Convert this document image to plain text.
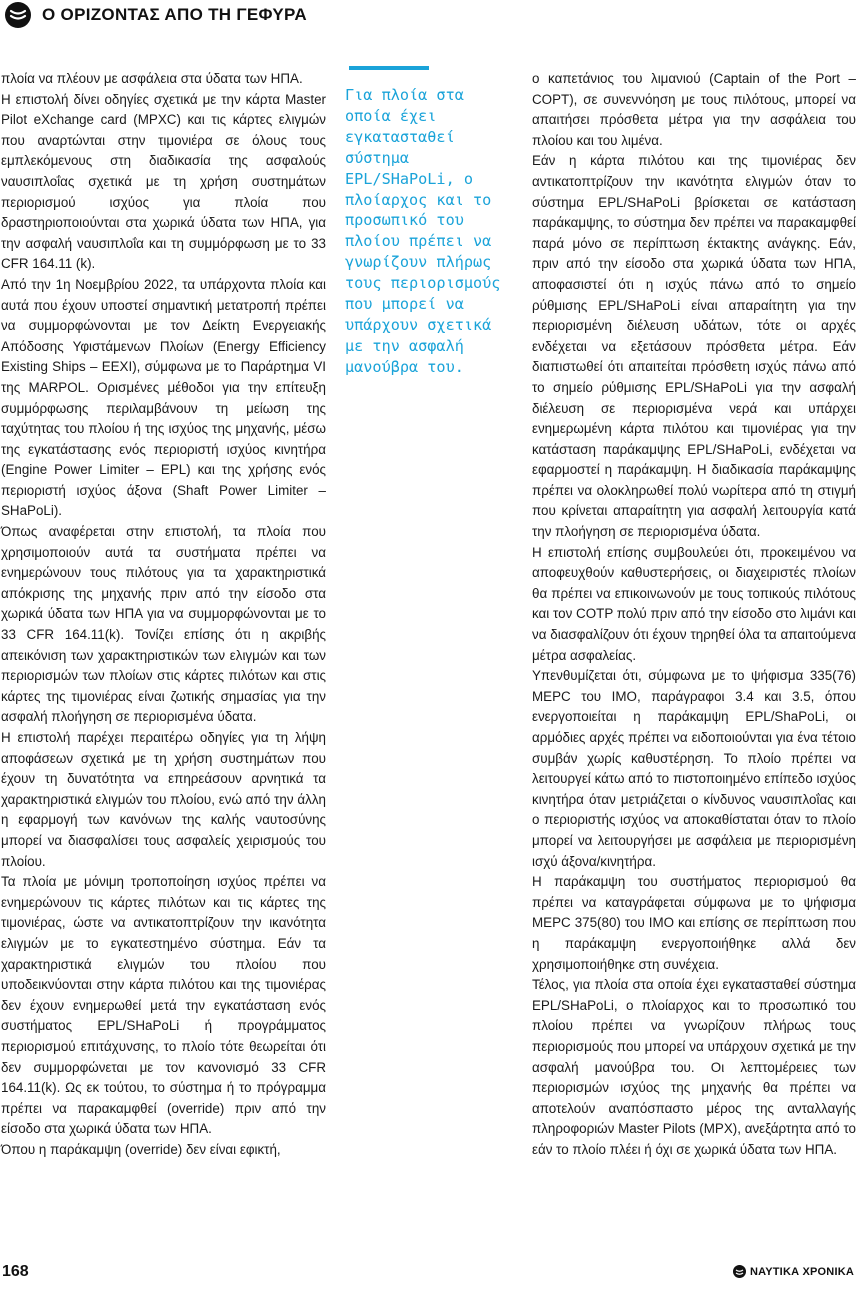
Ο ΟΡΙΖΟΝΤΑΣ ΑΠΟ ΤΗ ΓΕΦΥΡΑ

πλοία να πλέουν με ασφάλεια στα ύδατα των ΗΠΑ.

Η επιστολή δίνει οδηγίες σχετικά με την κάρτα Master Pilot eXchange card (MPXC) και τις κάρτες ελιγμών που αναρτώνται στην τιμονιέρα σε όλους τους εμπλεκόμενους στη διαδικασία της ασφαλούς ναυσιπλοΐας σχετικά με τη χρήση συστημάτων περιορισμού ισχύος για πλοία που δραστηριοποιούνται στα χωρικά ύδατα των ΗΠΑ, για την ασφαλή ναυσιπλοΐα και τη συμμόρφωση με το 33 CFR 164.11 (k).

Από την 1η Νοεμβρίου 2022, τα υπάρχοντα πλοία και αυτά που έχουν υποστεί σημαντική μετατροπή πρέπει να συμμορφώνονται με τον Δείκτη Ενεργειακής Απόδοσης Υφιστάμενων Πλοίων (Energy Efficiency Existing Ships – EEXI), σύμφωνα με το Παράρτημα VI της MARPOL. Ορισμένες μέθοδοι για την επίτευξη συμμόρφωσης περιλαμβάνουν τη μείωση της ταχύτητας του πλοίου ή της ισχύος της μηχανής, μέσω της εγκατάστασης ενός περιοριστή ισχύος κινητήρα (Engine Power Limiter – EPL) και της χρήσης ενός περιοριστή ισχύος άξονα (Shaft Power Limiter – SHaPoLi).

Όπως αναφέρεται στην επιστολή, τα πλοία που χρησιμοποιούν αυτά τα συστήματα πρέπει να ενημερώνουν τους πιλότους για τα χαρακτηριστικά απόκρισης της μηχανής πριν από την είσοδο στα χωρικά ύδατα των ΗΠΑ για να συμμορφώνονται με το 33 CFR 164.11(k). Τονίζει επίσης ότι η ακριβής απεικόνιση των χαρακτηριστικών των ελιγμών και των περιορισμών των πλοίων στις κάρτες πιλότων και στις κάρτες της τιμονιέρας είναι ζωτικής σημασίας για την ασφαλή πλοήγηση σε περιορισμένα ύδατα.

Η επιστολή παρέχει περαιτέρω οδηγίες για τη λήψη αποφάσεων σχετικά με τη χρήση συστημάτων που έχουν τη δυνατότητα να επηρεάσουν αρνητικά τα χαρακτηριστικά ελιγμών του πλοίου, ενώ από την άλλη η εφαρμογή των κανόνων της καλής ναυτοσύνης μπορεί να διασφαλίσει τους ασφαλείς χειρισμούς του πλοίου.

Τα πλοία με μόνιμη τροποποίηση ισχύος πρέπει να ενημερώνουν τις κάρτες πιλότων και τις κάρτες της τιμονιέρας, ώστε να αντικατοπτρίζουν την ικανότητα ελιγμών με το εγκατεστημένο σύστημα. Εάν τα χαρακτηριστικά ελιγμών του πλοίου που υποδεικνύονται στην κάρτα πιλότου και της τιμονιέρας δεν έχουν ενημερωθεί μετά την εγκατάσταση ενός συστήματος EPL/SHaPoLi ή προγράμματος περιορισμού επιτάχυνσης, το πλοίο τότε θεωρείται ότι δεν συμμορφώνεται με τον κανονισμό 33 CFR 164.11(k). Ως εκ τούτου, το σύστημα ή το πρόγραμμα πρέπει να παρακαμφθεί (override) πριν από την είσοδο στα χωρικά ύδατα των ΗΠΑ.

Όπου η παράκαμψη (override) δεν είναι εφικτή,

Για πλοία στα οποία έχει εγκατασταθεί σύστημα EPL/SHaPoLi, ο πλοίαρχος και το προσωπικό του πλοίου πρέπει να γνωρίζουν πλήρως τους περιορισμούς που μπορεί να υπάρχουν σχετικά με την ασφαλή μανούβρα του.

ο καπετάνιος του λιμανιού (Captain of the Port – COPT), σε συνεννόηση με τους πιλότους, μπορεί να απαιτήσει πρόσθετα μέτρα για την ασφάλεια του πλοίου και του λιμένα.

Εάν η κάρτα πιλότου και της τιμονιέρας δεν αντικατοπτρίζουν την ικανότητα ελιγμών όταν το σύστημα EPL/SHaPoLi βρίσκεται σε κατάσταση παράκαμψης, το σύστημα δεν πρέπει να παρακαμφθεί παρά μόνο σε περίπτωση έκτακτης ανάγκης. Εάν, πριν από την είσοδο στα χωρικά ύδατα των ΗΠΑ, αποφασιστεί ότι η ισχύς πάνω από το σημείο ρύθμισης EPL/SHaPoLi είναι απαραίτητη για την περιορισμένη διέλευση υδάτων, τότε οι αρχές ενδέχεται να εξετάσουν πρόσθετα μέτρα. Εάν διαπιστωθεί ότι απαιτείται πρόσθετη ισχύς πάνω από το σημείο ρύθμισης EPL/SHaPoLi για την ασφαλή διέλευση σε περιορισμένα νερά και υπάρχει ενημερωμένη κάρτα πιλότου και τιμονιέρας για την κατάσταση παράκαμψης EPL/SHaPoLi, ενδέχεται να εφαρμοστεί η παράκαμψη. Η διαδικασία παράκαμψης πρέπει να ολοκληρωθεί πολύ νωρίτερα από τη στιγμή που κρίνεται απαραίτητη για ασφαλή λειτουργία κατά την πλοήγηση σε περιορισμένα ύδατα.

Η επιστολή επίσης συμβουλεύει ότι, προκειμένου να αποφευχθούν καθυστερήσεις, οι διαχειριστές πλοίων θα πρέπει να επικοινωνούν με τους τοπικούς πιλότους και τον COTP πολύ πριν από την είσοδο στο λιμάνι και να διασφαλίζουν ότι έχουν τηρηθεί όλα τα απαιτούμενα μέτρα ασφαλείας.

Υπενθυμίζεται ότι, σύμφωνα με το ψήφισμα 335(76) MEPC του IMO, παράγραφοι 3.4 και 3.5, όπου ενεργοποιείται η παράκαμψη EPL/ShaPoLi, οι αρμόδιες αρχές πρέπει να ειδοποιούνται για ένα τέτοιο συμβάν χωρίς καθυστέρηση. Το πλοίο πρέπει να λειτουργεί κάτω από το πιστοποιημένο επίπεδο ισχύος κινητήρα όταν μετριάζεται ο κίνδυνος ναυσιπλοΐας και ο περιοριστής ισχύος να αποκαθίσταται όταν το πλοίο μπορεί να λειτουργήσει με ασφάλεια με περιορισμένη ισχύ άξονα/κινητήρα.

Η παράκαμψη του συστήματος περιορισμού θα πρέπει να καταγράφεται σύμφωνα με το ψήφισμα MEPC 375(80) του IMO και επίσης σε περίπτωση που η παράκαμψη ενεργοποιήθηκε αλλά δεν χρησιμοποιήθηκε στη συνέχεια.

Τέλος, για πλοία στα οποία έχει εγκατασταθεί σύστημα EPL/SHaPoLi, ο πλοίαρχος και το προσωπικό του πλοίου πρέπει να γνωρίζουν πλήρως τους περιορισμούς που μπορεί να υπάρχουν σχετικά με την ασφαλή μανούβρα του. Οι λεπτομέρειες των περιορισμών ισχύος της μηχανής θα πρέπει να αποτελούν αναπόσπαστο μέρος της ανταλλαγής πληροφοριών Master Pilots (MPX), ανεξάρτητα από το εάν το πλοίο πλέει ή όχι σε χωρικά ύδατα των ΗΠΑ.

168	ΝΑΥΤΙΚΑ ΧΡΟΝΙΚΑ
